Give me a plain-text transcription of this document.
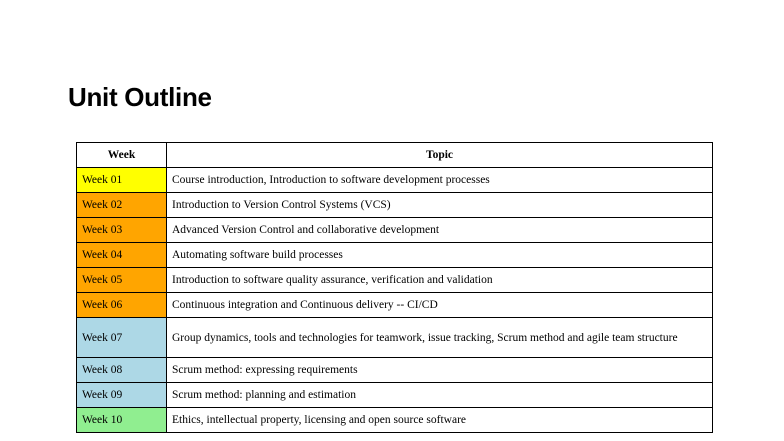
Unit Outline
Week	Topic
Week 01	Course introduction, Introduction to software development processes
Week 02	Introduction to Version Control Systems (VCS)
Week 03	Advanced Version Control and collaborative development
Week 04	Automating software build processes
Week 05	Introduction to software quality assurance, verification and validation
Week 06	Continuous integration and Continuous delivery -- CI/CD
Week 07	Group dynamics, tools and technologies for teamwork, issue tracking, Scrum method and agile team structure
Week 08	Scrum method: expressing requirements
Week 09	Scrum method: planning and estimation
Week 10	Ethics, intellectual property, licensing and open source software
